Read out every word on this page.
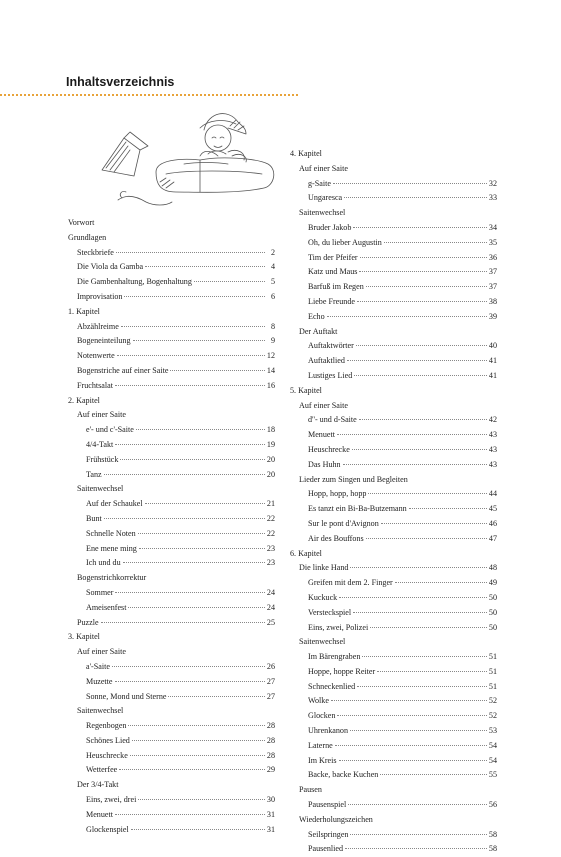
Inhaltsverzeichnis
Vorwort
Grundlagen
Steckbriefe	2
Die Viola da Gamba	4
Die Gambenhaltung, Bogenhaltung	5
Improvisation	6
1. Kapitel
Abzählreime	8
Bogeneinteilung	9
Notenwerte	12
Bogenstriche auf einer Saite	14
Fruchtsalat	16
2. Kapitel
Auf einer Saite
e'- und c'-Saite	18
4/4-Takt	19
Frühstück	20
Tanz	20
Saitenwechsel
Auf der Schaukel	21
Bunt	22
Schnelle Noten	22
Ene mene ming	23
Ich und du	23
Bogenstrichkorrektur
Sommer	24
Ameisenfest	24
Puzzle	25
3. Kapitel
Auf einer Saite
a'-Saite	26
Muzette	27
Sonne, Mond und Sterne	27
Saitenwechsel
Regenbogen	28
Schönes Lied	28
Heuschrecke	28
Wetterfee	29
Der 3/4-Takt
Eins, zwei, drei	30
Menuett	31
Glockenspiel	31
4. Kapitel
Auf einer Saite
g-Saite	32
Ungaresca	33
Saitenwechsel
Bruder Jakob	34
Oh, du lieber Augustin	35
Tim der Pfeifer	36
Katz und Maus	37
Barfuß im Regen	37
Liebe Freunde	38
Echo	39
Der Auftakt
Auftaktwörter	40
Auftaktlied	41
Lustiges Lied	41
5. Kapitel
Auf einer Saite
d''- und d-Saite	42
Menuett	43
Heuschrecke	43
Das Huhn	43
Lieder zum Singen und Begleiten
Hopp, hopp, hopp	44
Es tanzt ein Bi-Ba-Butzemann	45
Sur le pont d'Avignon	46
Air des Bouffons	47
6. Kapitel
Die linke Hand	48
Greifen mit dem 2. Finger	49
Kuckuck	50
Versteckspiel	50
Eins, zwei, Polizei	50
Saitenwechsel
Im Bärengraben	51
Hoppe, hoppe Reiter	51
Schneckenlied	51
Wolke	52
Glocken	52
Uhrenkanon	53
Laterne	54
Im Kreis	54
Backe, backe Kuchen	55
Pausen
Pausenspiel	56
Wiederholungszeichen
Seilspringen	58
Pausenlied	58
